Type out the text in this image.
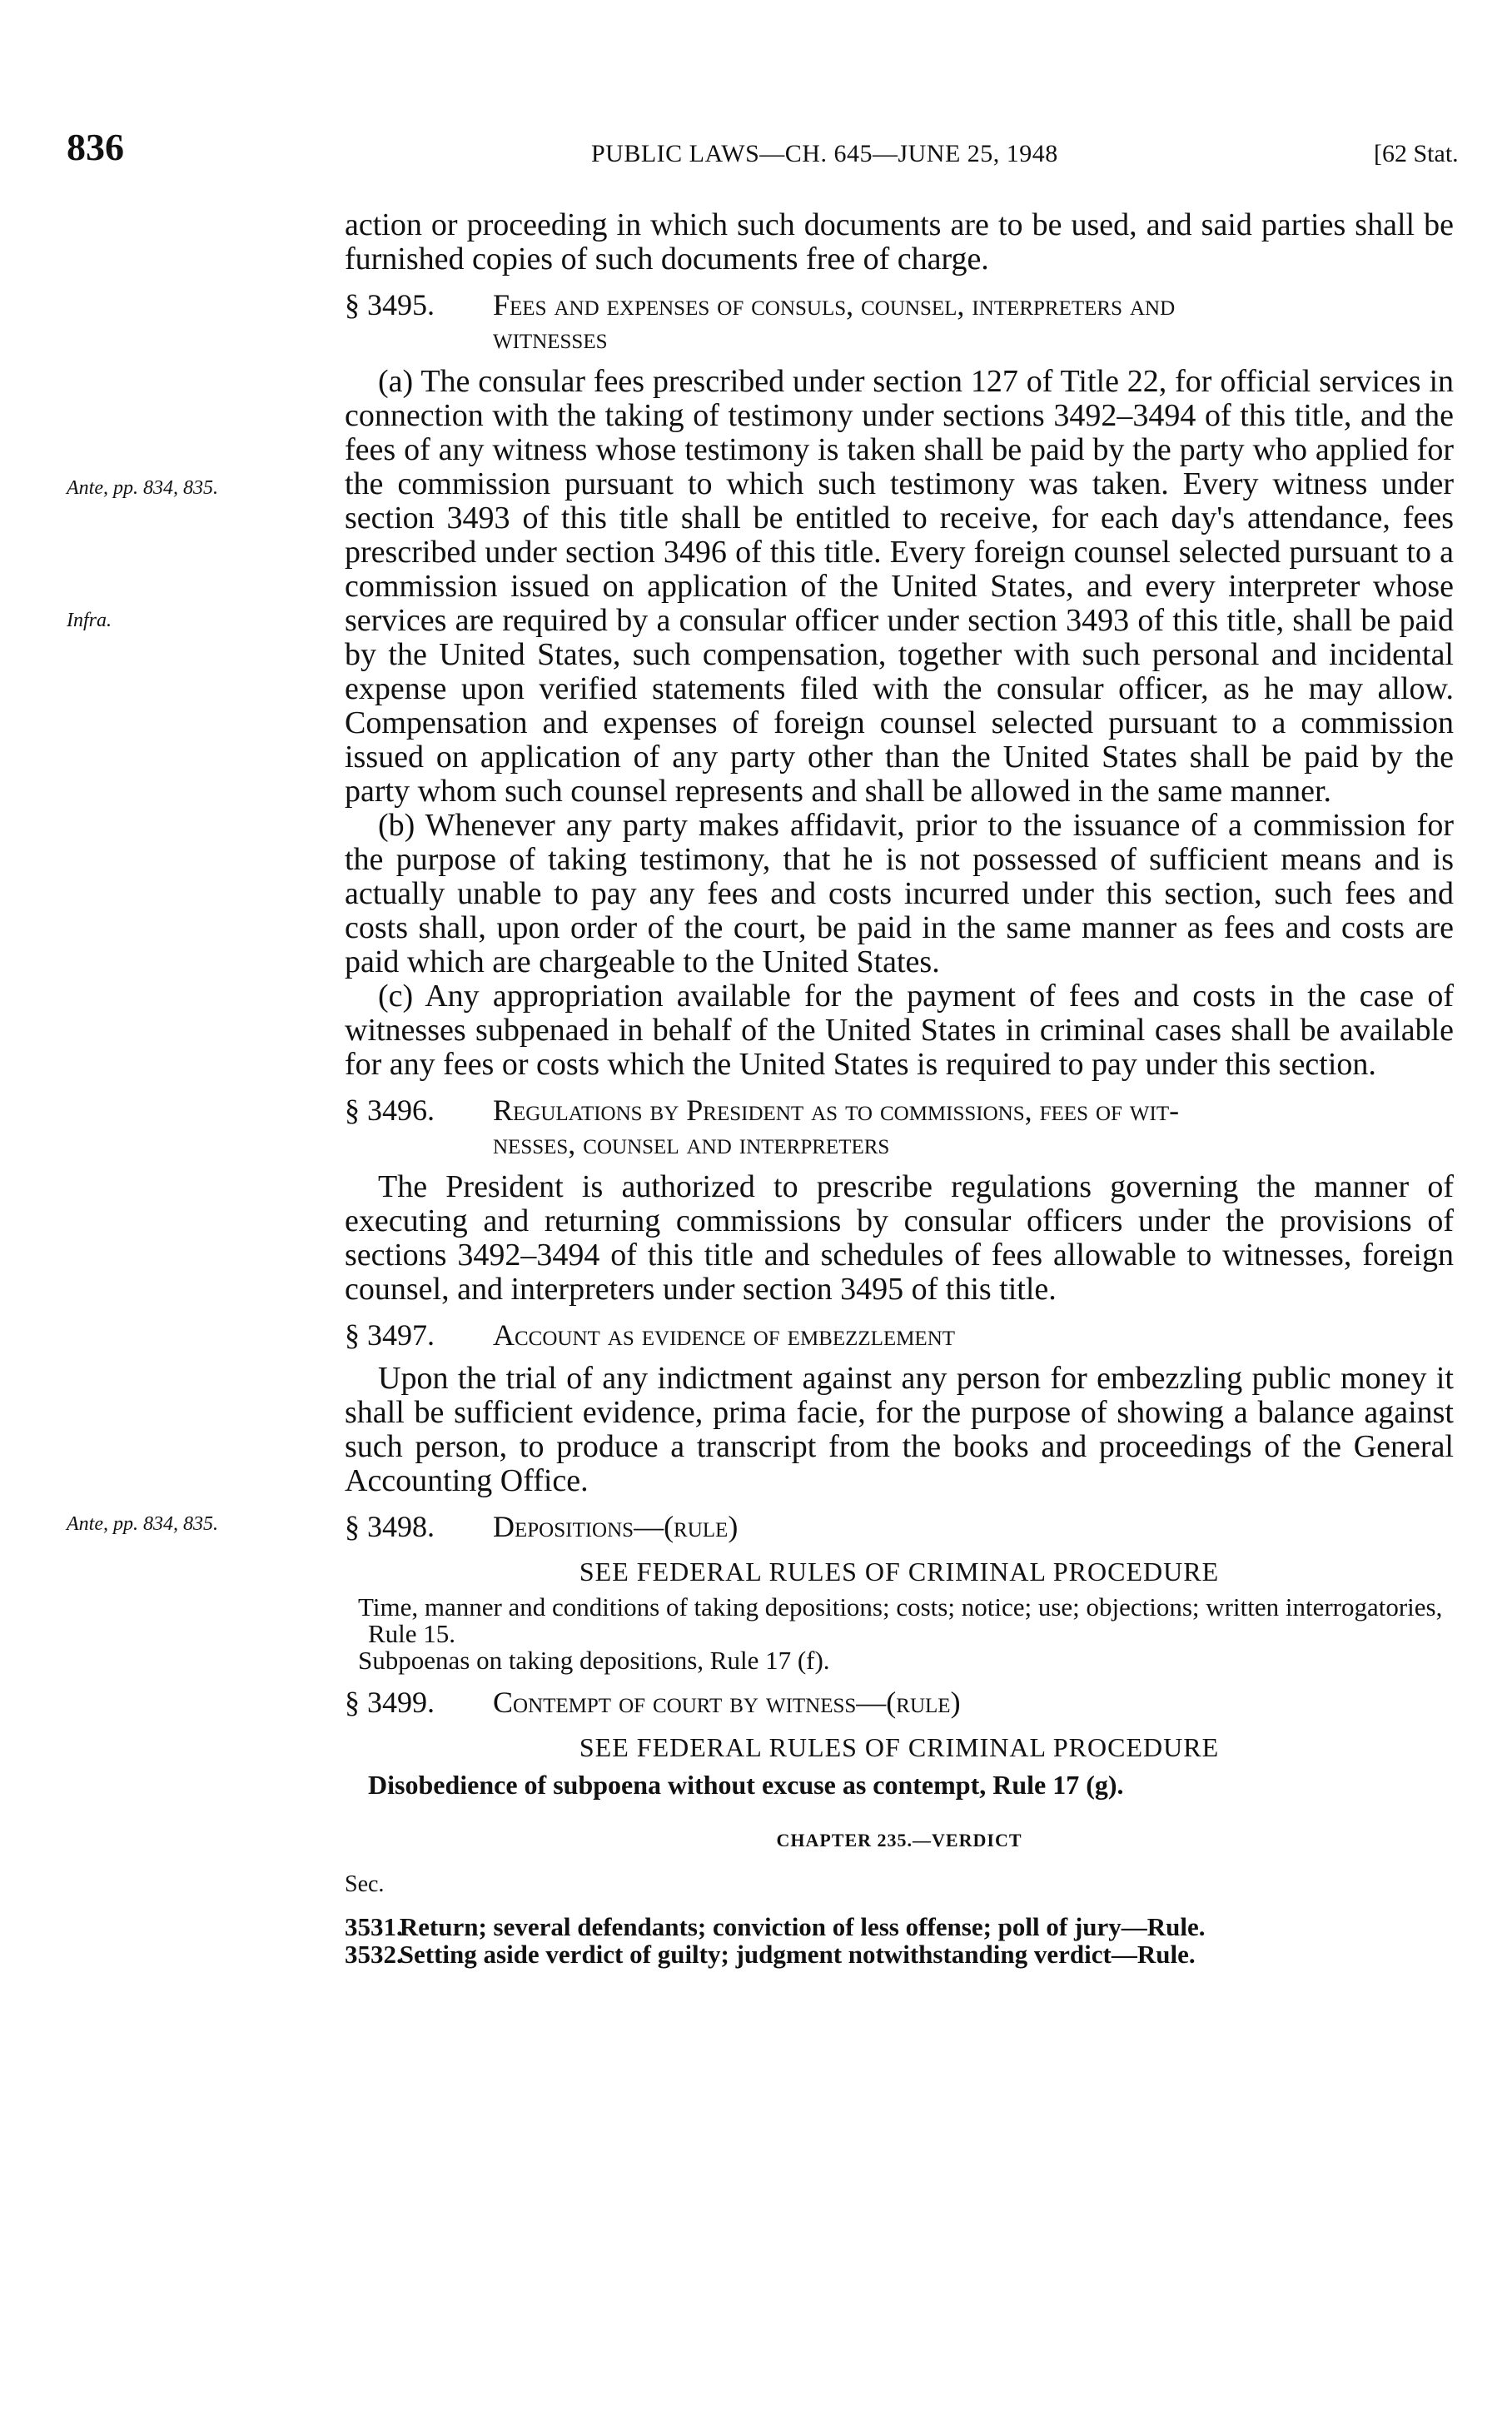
836	PUBLIC LAWS—CH. 645—JUNE 25, 1948	[62 Stat.
Ante, pp. 834, 835.
Infra.
Ante, pp. 834, 835.

action or proceeding in which such documents are to be used, and said parties shall be furnished copies of such documents free of charge.

§ 3495. Fees and expenses of consuls, counsel, interpreters and
witnesses

(a) The consular fees prescribed under section 127 of Title 22, for official services in connection with the taking of testimony under sections 3492–3494 of this title, and the fees of any witness whose testimony is taken shall be paid by the party who applied for the commission pursuant to which such testimony was taken. Every witness under section 3493 of this title shall be entitled to receive, for each day's attendance, fees prescribed under section 3496 of this title. Every foreign counsel selected pursuant to a commission issued on application of the United States, and every interpreter whose services are required by a consular officer under section 3493 of this title, shall be paid by the United States, such compensation, together with such personal and incidental expense upon verified statements filed with the consular officer, as he may allow. Compensation and expenses of foreign counsel selected pursuant to a commission issued on application of any party other than the United States shall be paid by the party whom such counsel represents and shall be allowed in the same manner.

(b) Whenever any party makes affidavit, prior to the issuance of a commission for the purpose of taking testimony, that he is not possessed of sufficient means and is actually unable to pay any fees and costs incurred under this section, such fees and costs shall, upon order of the court, be paid in the same manner as fees and costs are paid which are chargeable to the United States.

(c) Any appropriation available for the payment of fees and costs in the case of witnesses subpenaed in behalf of the United States in criminal cases shall be available for any fees or costs which the United States is required to pay under this section.

§ 3496. Regulations by President as to commissions, fees of wit-
nesses, counsel and interpreters

The President is authorized to prescribe regulations governing the manner of executing and returning commissions by consular officers under the provisions of sections 3492–3494 of this title and schedules of fees allowable to witnesses, foreign counsel, and interpreters under section 3495 of this title.

§ 3497. Account as evidence of embezzlement

Upon the trial of any indictment against any person for embezzling public money it shall be sufficient evidence, prima facie, for the purpose of showing a balance against such person, to produce a transcript from the books and proceedings of the General Accounting Office.

§ 3498. Depositions—(rule)

SEE FEDERAL RULES OF CRIMINAL PROCEDURE

Time, manner and conditions of taking depositions; costs; notice; use; objections; written interrogatories, Rule 15.

Subpoenas on taking depositions, Rule 17 (f).

§ 3499. Contempt of court by witness—(rule)

SEE FEDERAL RULES OF CRIMINAL PROCEDURE

Disobedience of subpoena without excuse as contempt, Rule 17 (g).

CHAPTER 235.—VERDICT

Sec.

3531. Return; several defendants; conviction of less offense; poll of jury—Rule.

3532. Setting aside verdict of guilty; judgment notwithstanding verdict—Rule.
